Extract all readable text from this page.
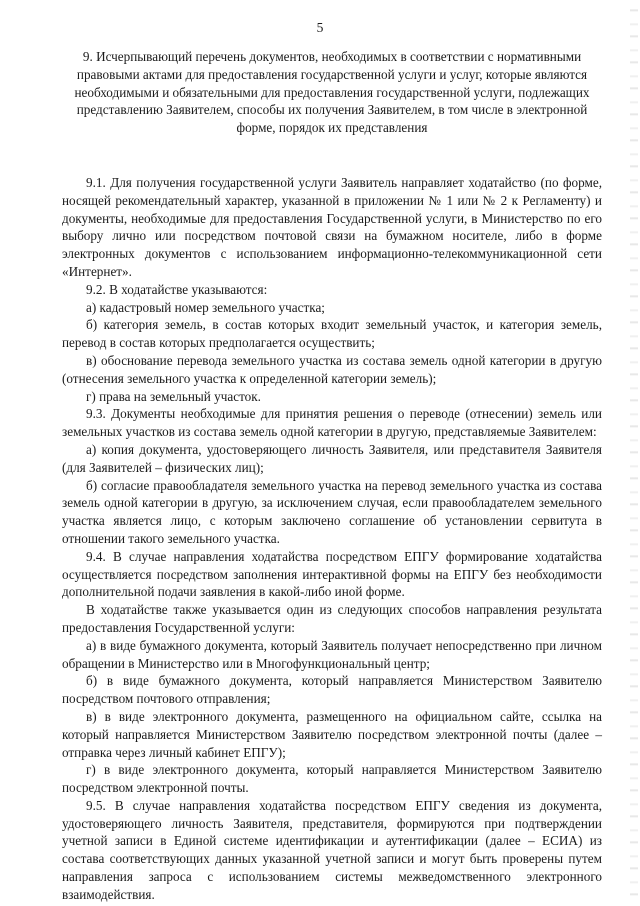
5
9. Исчерпывающий перечень документов, необходимых в соответствии с нормативными правовыми актами для предоставления государственной услуги и услуг, которые являются необходимыми и обязательными для предоставления государственной услуги, подлежащих представлению Заявителем, способы их получения Заявителем, в том числе в электронной форме, порядок их представления

9.1. Для получения государственной услуги Заявитель направляет ходатайство (по форме, носящей рекомендательный характер, указанной в приложении № 1 или № 2 к Регламенту) и документы, необходимые для предоставления Государственной услуги, в Министерство по его выбору лично или посредством почтовой связи на бумажном носителе, либо в форме электронных документов с использованием информационно-телекоммуникационной сети «Интернет».

9.2. В ходатайстве указываются:

а) кадастровый номер земельного участка;

б) категория земель, в состав которых входит земельный участок, и категория земель, перевод в состав которых предполагается осуществить;

в) обоснование перевода земельного участка из состава земель одной категории в другую (отнесения земельного участка к определенной категории земель);

г) права на земельный участок.

9.3. Документы необходимые для принятия решения о переводе (отнесении) земель или земельных участков из состава земель одной категории в другую, представляемые Заявителем:

а) копия документа, удостоверяющего личность Заявителя, или представителя Заявителя (для Заявителей – физических лиц);

б) согласие правообладателя земельного участка на перевод земельного участка из состава земель одной категории в другую, за исключением случая, если правообладателем земельного участка является лицо, с которым заключено соглашение об установлении сервитута в отношении такого земельного участка.

9.4. В случае направления ходатайства посредством ЕПГУ формирование ходатайства осуществляется посредством заполнения интерактивной формы на ЕПГУ без необходимости дополнительной подачи заявления в какой-либо иной форме.

В ходатайстве также указывается один из следующих способов направления результата предоставления Государственной услуги:

а) в виде бумажного документа, который Заявитель получает непосредственно при личном обращении в Министерство или в Многофункциональный центр;

б) в виде бумажного документа, который направляется Министерством Заявителю посредством почтового отправления;

в) в виде электронного документа, размещенного на официальном сайте, ссылка на который направляется Министерством Заявителю посредством электронной почты (далее – отправка через личный кабинет ЕПГУ);

г) в виде электронного документа, который направляется Министерством Заявителю посредством электронной почты.

9.5. В случае направления ходатайства посредством ЕПГУ сведения из документа, удостоверяющего личность Заявителя, представителя, формируются при подтверждении учетной записи в Единой системе идентификации и аутентификации (далее – ЕСИА) из состава соответствующих данных указанной учетной записи и могут быть проверены путем направления запроса с использованием системы межведомственного электронного взаимодействия.
